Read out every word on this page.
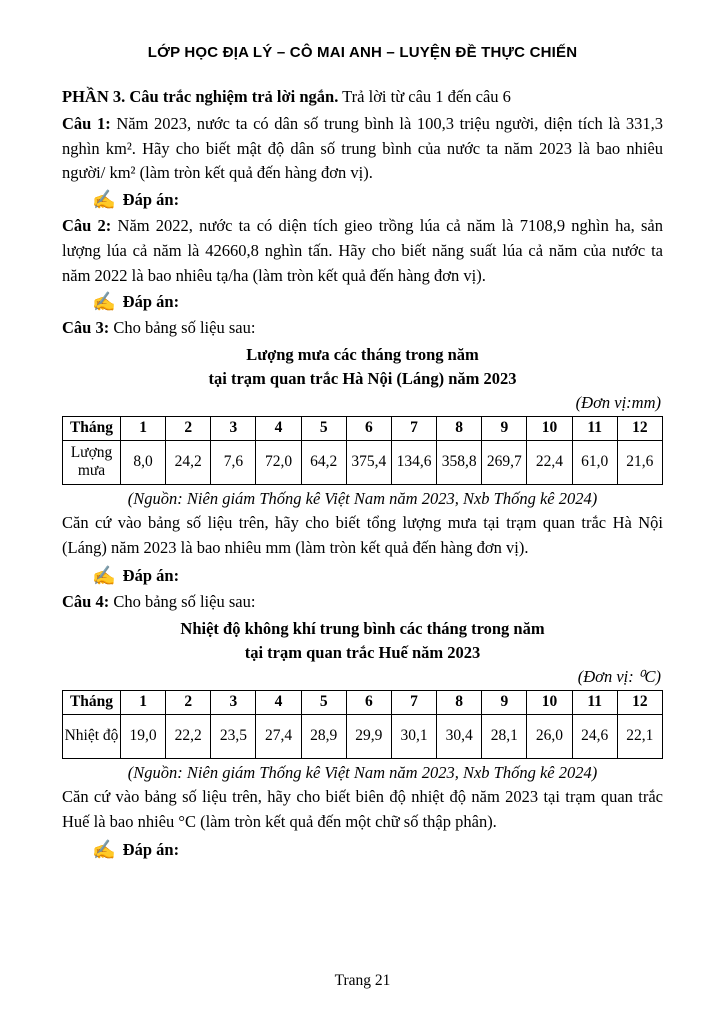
LỚP HỌC ĐỊA LÝ – CÔ MAI ANH – LUYỆN ĐỀ THỰC CHIẾN

PHẦN 3. Câu trắc nghiệm trả lời ngắn. Trả lời từ câu 1 đến câu 6

Câu 1: Năm 2023, nước ta có dân số trung bình là 100,3 triệu người, diện tích là 331,3 nghìn km². Hãy cho biết mật độ dân số trung bình của nước ta năm 2023 là bao nhiêu người/ km² (làm tròn kết quả đến hàng đơn vị).

✍ Đáp án:

Câu 2: Năm 2022, nước ta có diện tích gieo trồng lúa cả năm là 7108,9 nghìn ha, sản lượng lúa cả năm là 42660,8 nghìn tấn. Hãy cho biết năng suất lúa cả năm của nước ta năm 2022 là bao nhiêu tạ/ha (làm tròn kết quả đến hàng đơn vị).

✍ Đáp án:

Câu 3: Cho bảng số liệu sau:

Lượng mưa các tháng trong năm
tại trạm quan trắc Hà Nội (Láng) năm 2023
(Đơn vị:mm)
Tháng	1	2	3	4	5	6	7	8	9	10	11	12
Lượng mưa	8,0	24,2	7,6	72,0	64,2	375,4	134,6	358,8	269,7	22,4	61,0	21,6
(Nguồn: Niên giám Thống kê Việt Nam năm 2023, Nxb Thống kê 2024)

Căn cứ vào bảng số liệu trên, hãy cho biết tổng lượng mưa tại trạm quan trắc Hà Nội (Láng) năm 2023 là bao nhiêu mm (làm tròn kết quả đến hàng đơn vị).

✍ Đáp án:

Câu 4: Cho bảng số liệu sau:

Nhiệt độ không khí trung bình các tháng trong năm
tại trạm quan trắc Huế năm 2023
(Đơn vị: ⁰C)
Tháng	1	2	3	4	5	6	7	8	9	10	11	12
Nhiệt độ	19,0	22,2	23,5	27,4	28,9	29,9	30,1	30,4	28,1	26,0	24,6	22,1
(Nguồn: Niên giám Thống kê Việt Nam năm 2023, Nxb Thống kê 2024)

Căn cứ vào bảng số liệu trên, hãy cho biết biên độ nhiệt độ năm 2023 tại trạm quan trắc Huế là bao nhiêu °C (làm tròn kết quả đến một chữ số thập phân).

✍ Đáp án:
Trang 21
